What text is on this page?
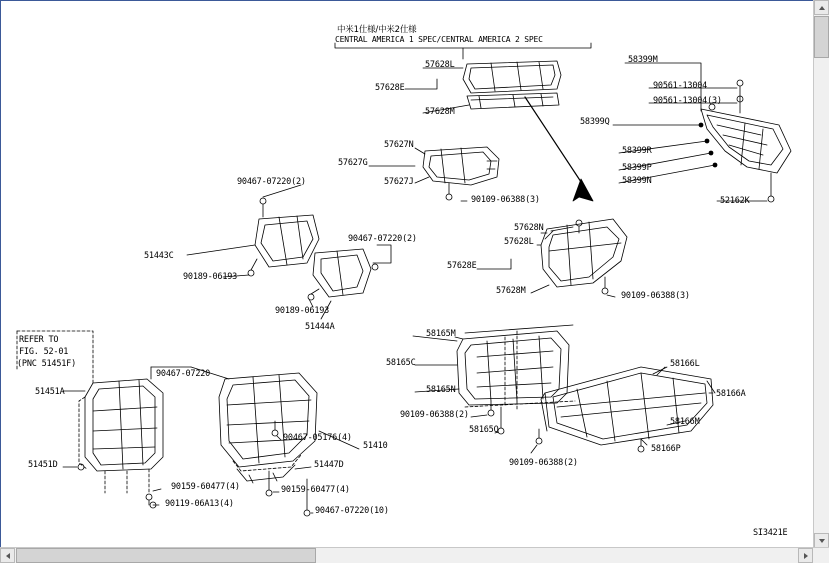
中米1仕様/中米2仕様
CENTRAL AMERICA 1 SPEC/CENTRAL AMERICA 2 SPEC
REFER TO
FIG. 52-01
(PNC 51451F)
57628L
57628E
57628M
58399M
90561-13004
90561-13004(3)
58399Q
58399R
58399P
58399N
52162K
57627N
57627G
57627J
90109-06388(3)
90467-07220(2)
51443C
90189-06193
90467-07220(2)
90189-06193
51444A
57628N
57628L
57628E
57628M	90109-06388(3)
58165M
58165C
58165N
90109-06388(2)
58165Q
58166L
58166A
58166M
58166P
90109-06388(2)
51451A
90467-07220
51451D
90467-05176(4)
51410
51447D
90159-60477(4)
90119-06A13(4)
90159-60477(4)
90467-07220(10)
SI3421E
